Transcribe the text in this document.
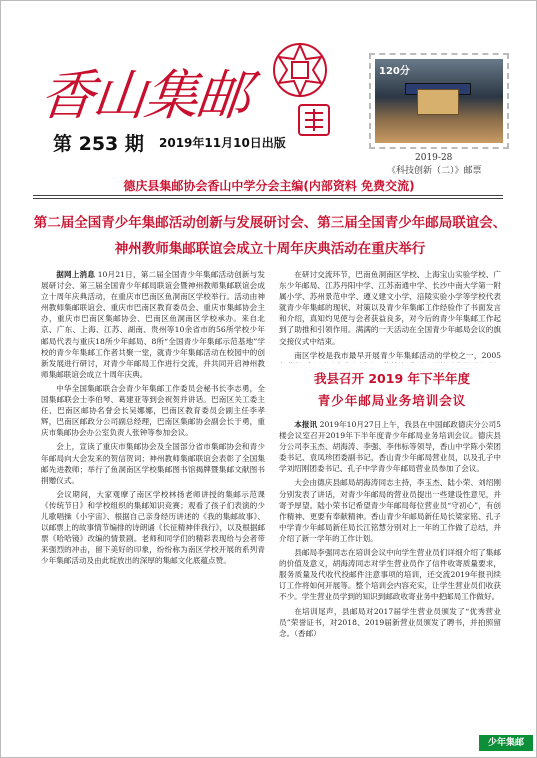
香山集邮
第 253 期 2019年11月10日出版
120分
2019-28
《科技创新（二）》邮票
德庆县集邮协会香山中学分会主编(内部资料 免费交流)
第二届全国青少年集邮活动创新与发展研讨会、第三届全国青少年邮局联谊会、
神州教师集邮联谊会成立十周年庆典活动在重庆举行

据网上消息 10月21日，第二届全国青少年集邮活动创新与发展研讨会、第三届全国青少年邮局联谊会暨神州教师集邮联谊会成立十周年庆典活动，在重庆市巴南区鱼洞南区学校举行。活动由神州教师集邮联谊会、重庆市巴南区教育委员会、重庆市集邮协会主办，重庆市巴南区集邮协会、巴南区鱼洞南区学校承办。来自北京、广东、上海、江苏、湖南、贵州等10余省市的56所学校少年邮局代表与重庆18所少年邮局、8所“全国青少年集邮示范基地”学校的青少年集邮工作者共聚一堂，就青少年集邮活动在校园中的创新发展进行研讨，对青少年邮局工作进行交流，并共同开启神州教师集邮联谊会成立十周年庆典。

中华全国集邮联合会青少年集邮工作委员会秘书长李志勇，全国集邮联会士李伯琴、葛建亚等到会祝贺并讲话。巴南区关工委主任、巴南区邮协名誉会长吴娜娜，巴南区教育委员会副主任李孝辉，巴南区邮政分公司副总经理，巴南区集邮协会副会长于勇，重庆市集邮协会办公室负责人张钟等参加会议。

会上，宣读了重庆市集邮协会及全国部分省市集邮协会和青少年邮局向大会发来的贺信贺词；神州教师集邮联谊会表彰了全国集邮先进教师；举行了鱼洞南区学校集邮图书馆揭牌暨集邮文献图书捐赠仪式。

会议期间，大家观摩了南区学校林扬老师讲授的集邮示范课《传统节日》和学校组织的集邮知识竞赛；观看了孩子们表演的少儿歌唱操《小宇宙》、根据自己亲身经历讲述的《我的集邮故事》、以邮票上的故事情节编排的诗朗诵《长征精神伴我行》，以及根据邮票《哈哈镜》改编的情景剧。老师和同学们的精彩表现给与会者带来强烈的冲击，留下美好的印象，纷纷称为南区学校开展的系列青少年集邮活动及由此绽放出的深厚的集邮文化底蕴点赞。

在研讨交流环节，巴南鱼洞南区学校、上海宝山实验学校、广东少年邮局、江苏丹阳中学、江苏南通中学、长沙中南大学第一附属小学、苏州景范中学、遵义建文小学、涪陵实验小学等学校代表就青少年集邮的现状、对策以及青少年集邮工作经验作了书面发言和介绍，真知灼见使与会者获益良多，对今后的青少年集邮工作起到了助推和引领作用。满满的一天活动在全国青少年邮局会议的旗交接仪式中结束。

南区学校是我市最早开展青少年集邮活动的学校之一，2005

我县召开 2019 年下半年度
青少年邮局业务培训会议

本报讯 2019年10月27日上午，我县在中国邮政德庆分公司5楼会议室召开2019年下半年度青少年邮局业务培训会议。德庆县分公司李玉杰、胡海涛、李强、李伟标等领导，香山中学陈小荣团委书记、袁凤珍团委副书记，香山青少年邮局营业员，以及孔子中学刘绍刚团委书记、孔子中学青少年邮局营业员参加了会议。

大会由德庆县邮局胡海涛同志主持，李玉杰、陆小荣、刘绍刚分别发表了讲话，对青少年邮局的营业员提出一些建设性意见，并寄予厚望。陆小荣书记希望青少年邮局每位营业员“守初心”，有创作精神、更要有奉献精神。香山青少年邮局新任局长梁家铭、孔子中学青少年邮局新任局长江铭慧分别对上一年的工作做了总结，并介绍了新一学年的工作计划。

县邮局李强同志在培训会议中向学生营业员们详细介绍了集邮的价值及意义，胡海涛同志对学生营业员作了信件收寄质量要求，服务质量及代收代投邮件注意事项的培训，还交流2019年报刊续订工作将如何开展等。整个培训会内容充实，让学生营业员们收获不少。学生营业员学到的知识到邮政收寄业务中把邮局工作做好。

在培训尾声，县邮局对2017届学生营业员颁发了“优秀营业员”荣誉证书，对2018、2019届新营业员颁发了聘书，并拍照留念。（香邮）

少年集邮
